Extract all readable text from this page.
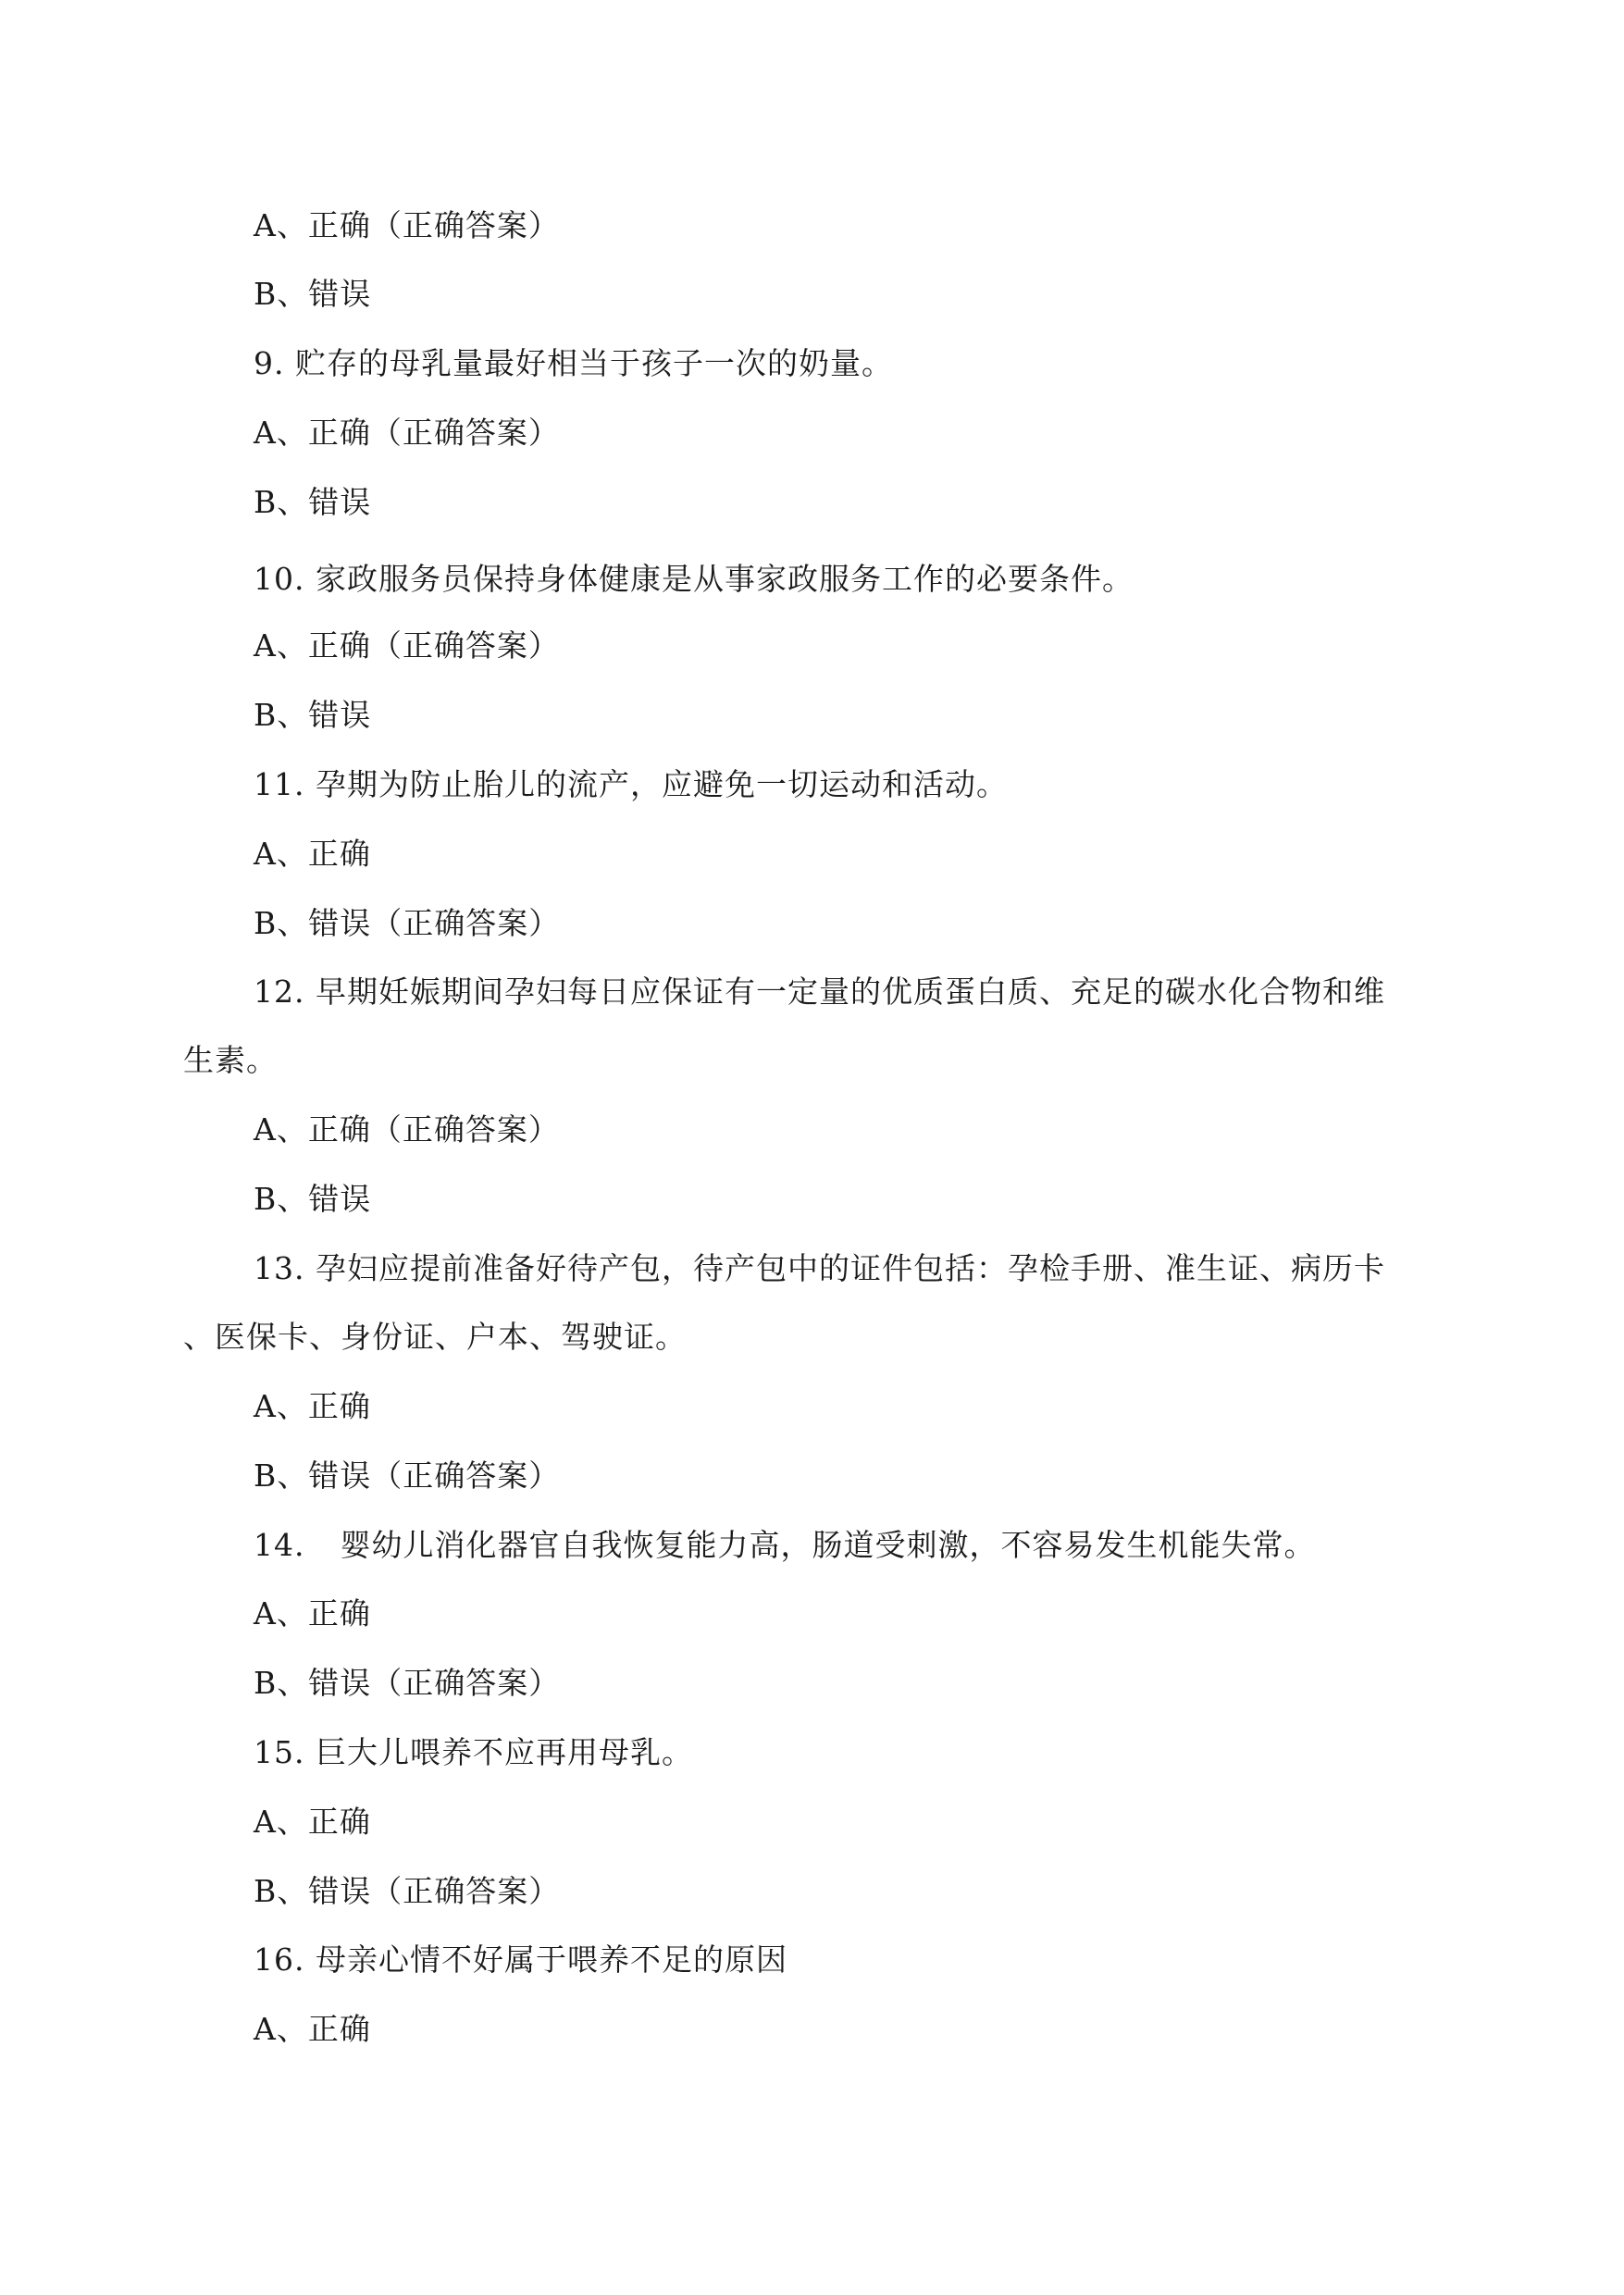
A、正确（正确答案）
B、错误
9. 贮存的母乳量最好相当于孩子一次的奶量。
A、正确（正确答案）
B、错误
10. 家政服务员保持身体健康是从事家政服务工作的必要条件。
A、正确（正确答案）
B、错误
11. 孕期为防止胎儿的流产，应避免一切运动和活动。
A、正确
B、错误（正确答案）
12. 早期妊娠期间孕妇每日应保证有一定量的优质蛋白质、充足的碳水化合物和维
生素。
A、正确（正确答案）
B、错误
13. 孕妇应提前准备好待产包，待产包中的证件包括：孕检手册、准生证、病历卡
、医保卡、身份证、户本、驾驶证。
A、正确
B、错误（正确答案）
14. 婴幼儿消化器官自我恢复能力高，肠道受刺激，不容易发生机能失常。
A、正确
B、错误（正确答案）
15. 巨大儿喂养不应再用母乳。
A、正确
B、错误（正确答案）
16. 母亲心情不好属于喂养不足的原因
A、正确
